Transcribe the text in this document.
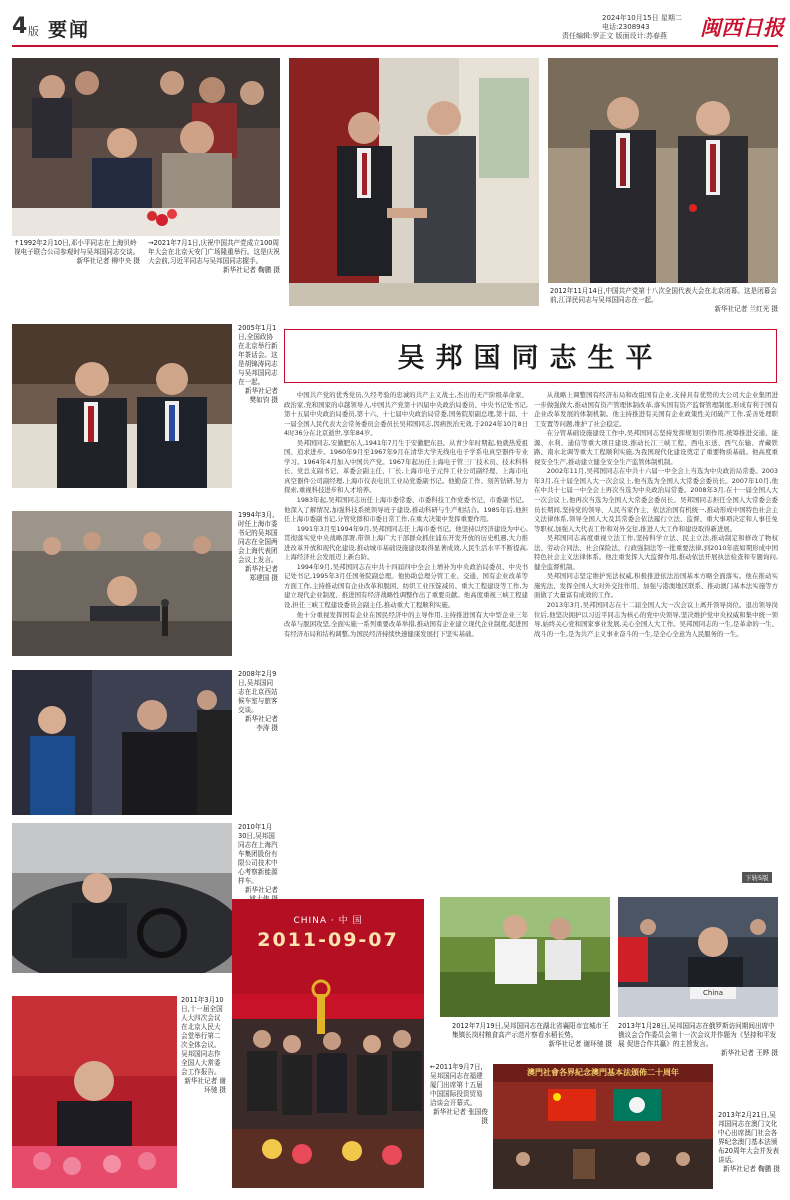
4 版 要闻
2024年10月15日 星期二
电话:2308943
责任编辑:罗正文 版面设计:苏春燕 闽西日报

↑1992年2月10日,邓小平同志在上海贝岭视电子联合公司参观时与吴邦国同志交谈。

新华社记者 柳中央 摄

→2021年7月1日,庆祝中国共产党成立100周年大会在北京天安门广场隆重举行。这是庆祝大会前,习近平同志与吴邦国同志握手。

新华社记者 鞠鹏 摄

2012年11月14日,中国共产党第十八次全国代表大会在北京闭幕。这是闭幕会前,江泽民同志与吴邦国同志在一起。

新华社记者 兰红光 摄

吴邦国同志生平

2005年1月1日,全国政协在北京举行新年茶话会。这是胡锦涛同志与吴邦国同志在一起。

新华社记者 樊如钧 摄

1994年3月,时任上海市委书记的吴邦国同志在全国两会上海代表团会议上发言。

新华社记者 郑建国 摄

2008年2月9日,吴邦国同志在北京西站候车室与旅客交谈。

新华社记者 李涛 摄

2010年1月30日,吴邦国同志在上海汽车集团股份有限公司技术中心考察新能源样车。

新华社记者

2011年3月10日,十一届全国人大四次会议在北京人民大会堂举行第二次全体会议。吴邦国同志作全国人大常委会工作报告。

新华社记者 谢环驰 摄

中国共产党的优秀党员,久经考验的忠诚的共产主义战士,杰出的无产阶级革命家、政治家,党和国家的卓越领导人,中国共产党第十四届中央政治局委员、中央书记处书记,第十五届中央政治局委员,第十六、十七届中央政治局常委,国务院原副总理,第十届、十一届全国人民代表大会常务委员会委员长吴邦国同志,因病医治无效,于2024年10月8日4时36分在北京逝世,享年84岁。

吴邦国同志,安徽肥东人,1941年7月生于安徽肥东县。从青少年时期起,他就热爱祖国、追求进步。1960年9月至1967年9月在清华大学无线电电子学系电真空器件专业学习。1964年4月加入中国共产党。1967年起历任上海电子管三厂技术员、技术科科长、党总支副书记、革委会副主任、厂长,上海市电子元件工业公司副经理、上海市电真空器件公司副经理,上海市仪表电讯工业局党委副书记。他勤奋工作、刻苦钻研,努力探索,重视科技进步和人才培养。

1983年起,吴邦国同志历任上海市委常委、市委科技工作党委书记、市委副书记。他深入了解情况,加强科技系统领导班子建设,推动科研与生产相结合。1985年后,他担任上海市委副书记,分管党群和市委日常工作,在重大决策中发挥重要作用。

1991年3月至1994年9月,吴邦国同志任上海市委书记。他坚持以经济建设为中心,贯彻落实党中央战略部署,带领上海广大干部群众抓住浦东开发开放的历史机遇,大力推进改革开放和现代化建设,推动城市基础设施建设取得显著成效,人民生活水平不断提高,上海经济社会发展迈上新台阶。

1994年9月,吴邦国同志在中共十四届四中全会上增补为中央政治局委员、中央书记处书记,1995年3月任国务院副总理。他协助总理分管工业、交通、国有企业改革等方面工作,主持推动国有企业改革和脱困、纺织工业压锭减员、重大工程建设等工作,为建立现代企业制度、推进国有经济战略性调整作出了重要贡献。他高度重视三峡工程建设,担任三峡工程建设委员会副主任,推动重大工程顺利实施。

他十分重视发挥国有企业在国民经济中的主导作用,主持推进国有大中型企业三年改革与脱困攻坚,全面实施一系列重要改革举措,推动国有企业建立现代企业制度,促进国有经济布局和结构调整,为国民经济持续快速健康发展打下坚实基础。

从战略上调整国有经济布局和改组国有企业,支持具有优势的大公司大企业集团进一步做强做大,推动国有资产管理体制改革,落实国有资产监督管理制度,形成有利于国有企业改革发展的体制机制。他主持推进有关国有企业政策性关闭破产工作,妥善处理职工安置等问题,维护了社会稳定。

在分管基础设施建设工作中,吴邦国同志坚持发挥规划引领作用,统筹推进交通、能源、水利、通信等重大项目建设,推动长江三峡工程、西电东送、西气东输、青藏铁路、南水北调等重大工程顺利实施,为我国现代化建设奠定了重要物质基础。他高度重视安全生产,推动建立健全安全生产监管体制机制。

2002年11月,吴邦国同志在中共十六届一中全会上当选为中央政治局常委。2003年3月,在十届全国人大一次会议上,他当选为全国人大常委会委员长。2007年10月,他在中共十七届一中全会上再次当选为中央政治局常委。2008年3月,在十一届全国人大一次会议上,他再次当选为全国人大常委会委员长。吴邦国同志担任全国人大常委会委员长期间,坚持党的领导、人民当家作主、依法治国有机统一,推动形成中国特色社会主义法律体系,领导全国人大及其常委会依法履行立法、监督、重大事项决定和人事任免等职权,加强人大代表工作和对外交往,推进人大工作和建设取得新进展。

吴邦国同志高度重视立法工作,坚持科学立法、民主立法,推动制定和修改了物权法、劳动合同法、社会保险法、行政强制法等一批重要法律,到2010年底如期形成中国特色社会主义法律体系。他注重发挥人大监督作用,推动依法开展执法检查和专题询问,健全监督机制。

吴邦国同志坚定维护宪法权威,积极推进依法治国基本方略全面落实。他在推动实施宪法、发挥全国人大对外交往作用、加强与港澳地区联系、推动澳门基本法实施等方面做了大量富有成效的工作。

2013年3月,吴邦国同志在十二届全国人大一次会议上离开领导岗位。退出领导岗位后,他坚决拥护以习近平同志为核心的党中央领导,坚决维护党中央权威和集中统一领导,始终关心党和国家事业发展,关心全国人大工作。吴邦国同志的一生,是革命的一生、战斗的一生,是为共产主义事业奋斗的一生,是全心全意为人民服务的一生。

下转5版
CHINA · 中 国
2011-09-07

2012年7月19日,吴邦国同志在湖北省襄阳市宜城市王集镇长岗村粮食高产示范片察看水稻长势。

新华社记者 谢环驰 摄

China

2013年1月28日,吴邦国同志在俄罗斯访问期间出席中俄议会合作委员会第十一次会议并作题为《坚持和平发展 促进合作共赢》的主旨发言。

新华社记者 王晔 摄

←2011年9月7日,吴邦国同志在福建厦门出席第十五届中国国际投资贸易洽谈会开幕式。

新华社记者 张国俊 摄

澳門社會各界紀念澳門基本法頒佈二十周年

2013年2月21日,吴邦国同志在澳门文化中心出席澳门社会各界纪念澳门基本法颁布20周年大会并发表讲话。

新华社记者 鞠鹏 摄
